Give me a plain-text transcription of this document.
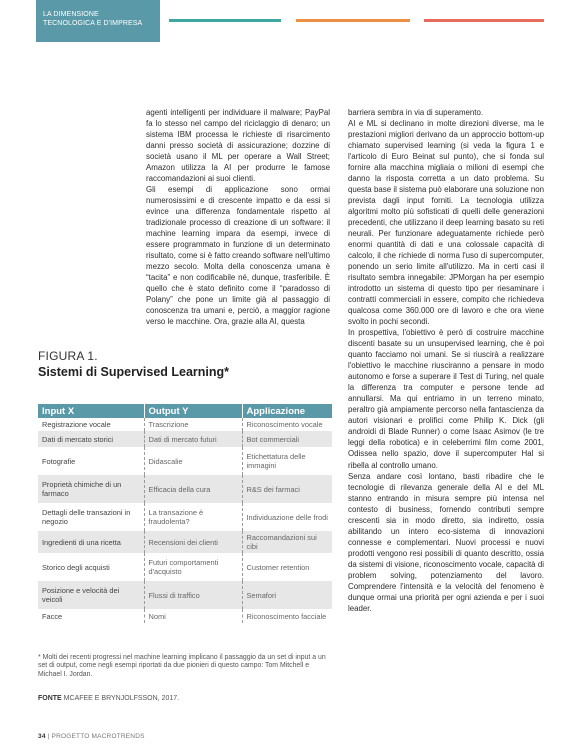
LA DIMENSIONE
TECNOLOGICA E D'IMPRESA

agenti intelligenti per individuare il malware; PayPal fa lo stesso nel campo del riciclaggio di denaro; un sistema IBM processa le richieste di risarcimento danni presso società di assicurazione; dozzine di società usano il ML per operare a Wall Street; Amazon utilizza la AI per produrre le famose raccomandazioni ai suoi clienti.

Gli esempi di applicazione sono ormai numerosissimi e di crescente impatto e da essi si evince una differenza fondamentale rispetto al tradizionale processo di creazione di un software: il machine learning impara da esempi, invece di essere programmato in funzione di un determinato risultato, come si è fatto creando software nell'ultimo mezzo secolo. Molta della conoscenza umana è “tacita” e non codificabile né, dunque, trasferibile. È quello che è stato definito come il “paradosso di Polany” che pone un limite già al passaggio di conoscenza tra umani e, perciò, a maggior ragione verso le macchine. Ora, grazie alla AI, questa

barriera sembra in via di superamento.

AI e ML si declinano in molte direzioni diverse, ma le prestazioni migliori derivano da un approccio bottom-up chiamato supervised learning (si veda la figura 1 e l'articolo di Euro Beinat sul punto), che si fonda sul fornire alla macchina migliaia o milioni di esempi che danno la risposta corretta a un dato problema. Su questa base il sistema può elaborare una soluzione non prevista dagli input forniti. La tecnologia utilizza algoritmi molto più sofisticati di quelli delle generazioni precedenti, che utilizzano il deep learning basato su reti neurali. Per funzionare adeguatamente richiede però enormi quantità di dati e una colossale capacità di calcolo, il che richiede di norma l'uso di supercomputer, ponendo un serio limite all'utilizzo. Ma in certi casi il risultato sembra innegabile: JPMorgan ha per esempio introdotto un sistema di questo tipo per riesaminare i contratti commerciali in essere, compito che richiedeva qualcosa come 360.000 ore di lavoro e che ora viene svolto in pochi secondi.

In prospettiva, l'obiettivo è però di costruire macchine discenti basate su un unsupervised learning, che è poi quanto facciamo noi umani. Se si riuscirà a realizzare l'obiettivo le macchine riusciranno a pensare in modo autonomo e forse a superare il Test di Turing, nel quale la differenza tra computer e persone tende ad annullarsi. Ma qui entriamo in un terreno minato, peraltro già ampiamente percorso nella fantascienza da autori visionari e prolifici come Philip K. Dick (gli androidi di Blade Runner) o come Isaac Asimov (le tre leggi della robotica) e in celeberrimi film come 2001, Odissea nello spazio, dove il supercomputer Hal si ribella al controllo umano.

Senza andare così lontano, basti ribadire che le tecnologie di rilevanza generale della AI e del ML stanno entrando in misura sempre più intensa nel contesto di business, fornendo contributi sempre crescenti sia in modo diretto, sia indiretto, ossia abilitando un intero eco-sistema di innovazioni connesse e complementari. Nuovi processi e nuovi prodotti vengono resi possibili di quanto descritto, ossia da sistemi di visione, riconoscimento vocale, capacità di problem solving, potenziamento del lavoro. Comprendere l'intensità e la velocità del fenomeno è dunque ormai una priorità per ogni azienda e per i suoi leader.

FIGURA 1.
Sistemi di Supervised Learning*
Input X	Output Y	Applicazione
Registrazione vocale	Trascrizione	Riconoscimento vocale
Dati di mercato storici	Dati di mercato futuri	Bot commerciali
Fotografie	Didascalie	Etichettatura delle immagini
Proprietà chimiche di un farmaco	Efficacia della cura	R&S dei farmaci
Dettagli delle transazioni in negozio	La transazione è fraudolenta?	Individuazione delle frodi
Ingredienti di una ricetta	Recensioni dei clienti	Raccomandazioni sui cibi
Storico degli acquisti	Futuri comportamenti d'acquisto	Customer retention
Posizione e velocità dei veicoli	Flussi di traffico	Semafori
Facce	Nomi	Riconoscimento facciale
* Molti dei recenti progressi nel machine learning implicano il passaggio da un set di input a un set di output, come negli esempi riportati da due pionieri di questo campo: Tom Mitchell e Michael I. Jordan.
FONTE MCAFEE E BRYNJOLFSSON, 2017.
34 | PROGETTO MACROTRENDS
